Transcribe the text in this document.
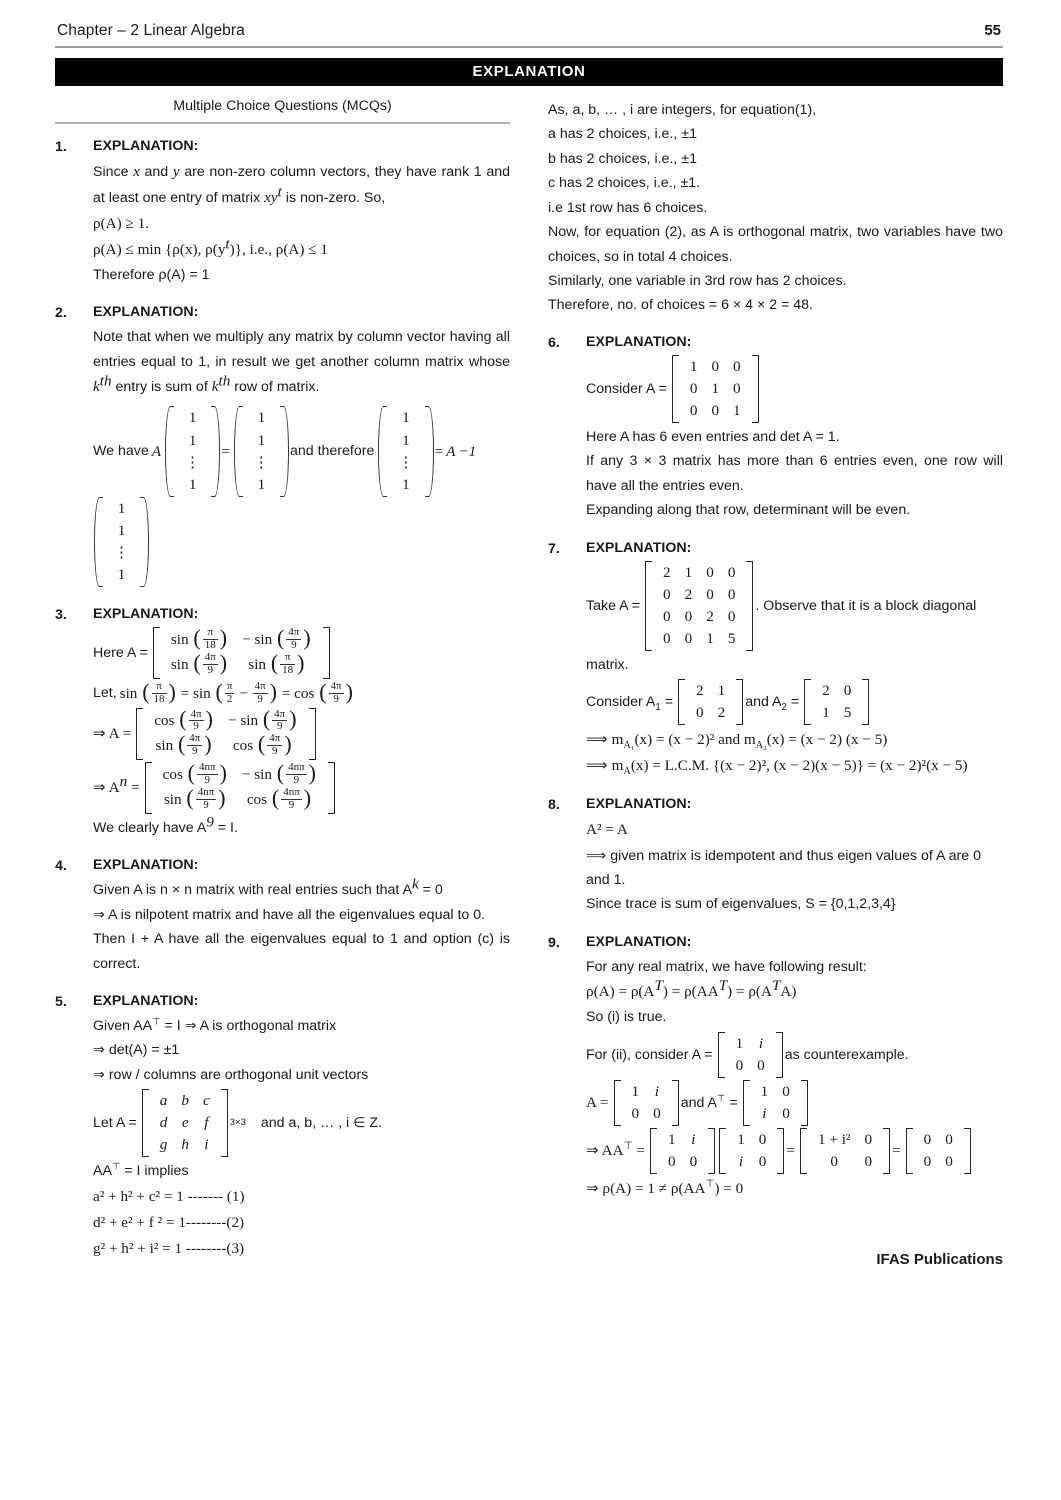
Chapter – 2 Linear Algebra	55
EXPLANATION
Multiple Choice Questions (MCQs)
1.	EXPLANATION:
Since x and y are non-zero column vectors, they have rank 1 and at least one entry of matrix $xy^t$ is non-zero. So,
ρ(A) ≥ 1.
ρ(A) ≤ min {ρ(x), $\rho(y^t)$}, i.e., ρ(A) ≤ 1
Therefore ρ(A) = 1
2.	EXPLANATION:
Note that when we multiply any matrix by column vector having all entries equal to 1, in result we get another column matrix whose $k^{th}$ entry is sum of $k^{th}$ row of matrix.
We have A
1
1
⋮
1
=
1
1
⋮
1
and therefore
1
1
⋮
1
= A −1
1
1
⋮
1
3.	EXPLANATION:
Here A =
sin ( $\frac{\pi}{18}$ ) − sin ( $\frac{4\pi}{9}$ )
sin ( $\frac{4\pi}{9}$ )	sin ( $\frac{\pi}{18}$ )
Let, sin ( $\frac{\pi}{18}$ ) = sin ( $\frac{\pi}{2} - \frac{4\pi}{9}$ ) = cos ( $\frac{4\pi}{9}$ )
⇒ A =
cos ( $\frac{4\pi}{9}$ ) − sin ( $\frac{4\pi}{9}$ )
sin ( $\frac{4\pi}{9}$ )	cos ( $\frac{4\pi}{9}$ )
⇒ $A^n$ =
cos ( $\frac{4n\pi}{9}$ ) − sin ( $\frac{4n\pi}{9}$ )
sin ( $\frac{4n\pi}{9}$ )	cos ( $\frac{4n\pi}{9}$ )
We clearly have $A^9 = I$.
4.	EXPLANATION:
Given A is n × n matrix with real entries such that $A^k = 0$
⇒ A is nilpotent matrix and have all the eigenvalues equal to 0.
Then I + A have all the eigenvalues equal to 1 and option (c) is correct.
5.	EXPLANATION:
Given AA⊤ = I ⇒ A is orthogonal matrix
⇒ det(A) = ±1
⇒ row / columns are orthogonal unit vectors
Let A =
a b c
d e	f
g h	i
3×3 and a, b, … , i ∈ Z.
AA⊤ = I implies
a² + h² + c² = 1 ------- (1)
d² + e² + f ² = 1--------(2)
g² + h² + i² = 1 --------(3)
As, a, b, … , i are integers, for equation(1),
a has 2 choices, i.e., ±1
b has 2 choices, i.e., ±1
c has 2 choices, i.e., ±1.
i.e 1st row has 6 choices.
Now, for equation (2), as A is orthogonal matrix, two variables have two choices, so in total 4 choices.
Similarly, one variable in 3rd row has 2 choices.
Therefore, no. of choices = 6 × 4 × 2 = 48.
6.	EXPLANATION:
Consider A =
1 0 0
0 1 0
0 0 1
Here A has 6 even entries and det A = 1.
If any 3 × 3 matrix has more than 6 entries even, one row will have all the entries even.
Expanding along that row, determinant will be even.
7.	EXPLANATION:
Take A =
2 1 0 0
0 2 0 0
0 0 2 0
0 0 1 5
. Observe that it is a block diagonal
matrix.
Consider $A_1$ =
2 1
0 2
and $A_2$ =
2 0
1 5
⟹ $m_{A_1}(x) = (x - 2)^2$ and $m_{A_2}(x) = (x - 2) (x - 5)$
⟹ $m_A(x) = L.C.M$. {(x − 2)², (x − 2)(x − 5)} = (x − 2)²(x − 5)
8.	EXPLANATION:
A² = A
⟹ given matrix is idempotent and thus eigen values of A are 0 and 1.
Since trace is sum of eigenvalues, S = {0,1,2,3,4}
9.	EXPLANATION:
For any real matrix, we have following result:
$\rho(A) = \rho(A^T) = \rho(AA^T) = \rho(A^TA)$
So (i) is true.
For (ii), consider A =
1	i
0 0
as counterexample.
A =
1	i
0 0
and A⊤ =
1 0
i	0
⇒ AA⊤ =
1	i
0 0
1 0
i	0
=
1 + i² 0
0	0
=
0 0
0 0
⇒ ρ(A) = 1 ≠ ρ(AA⊤) = 0
IFAS Publications
